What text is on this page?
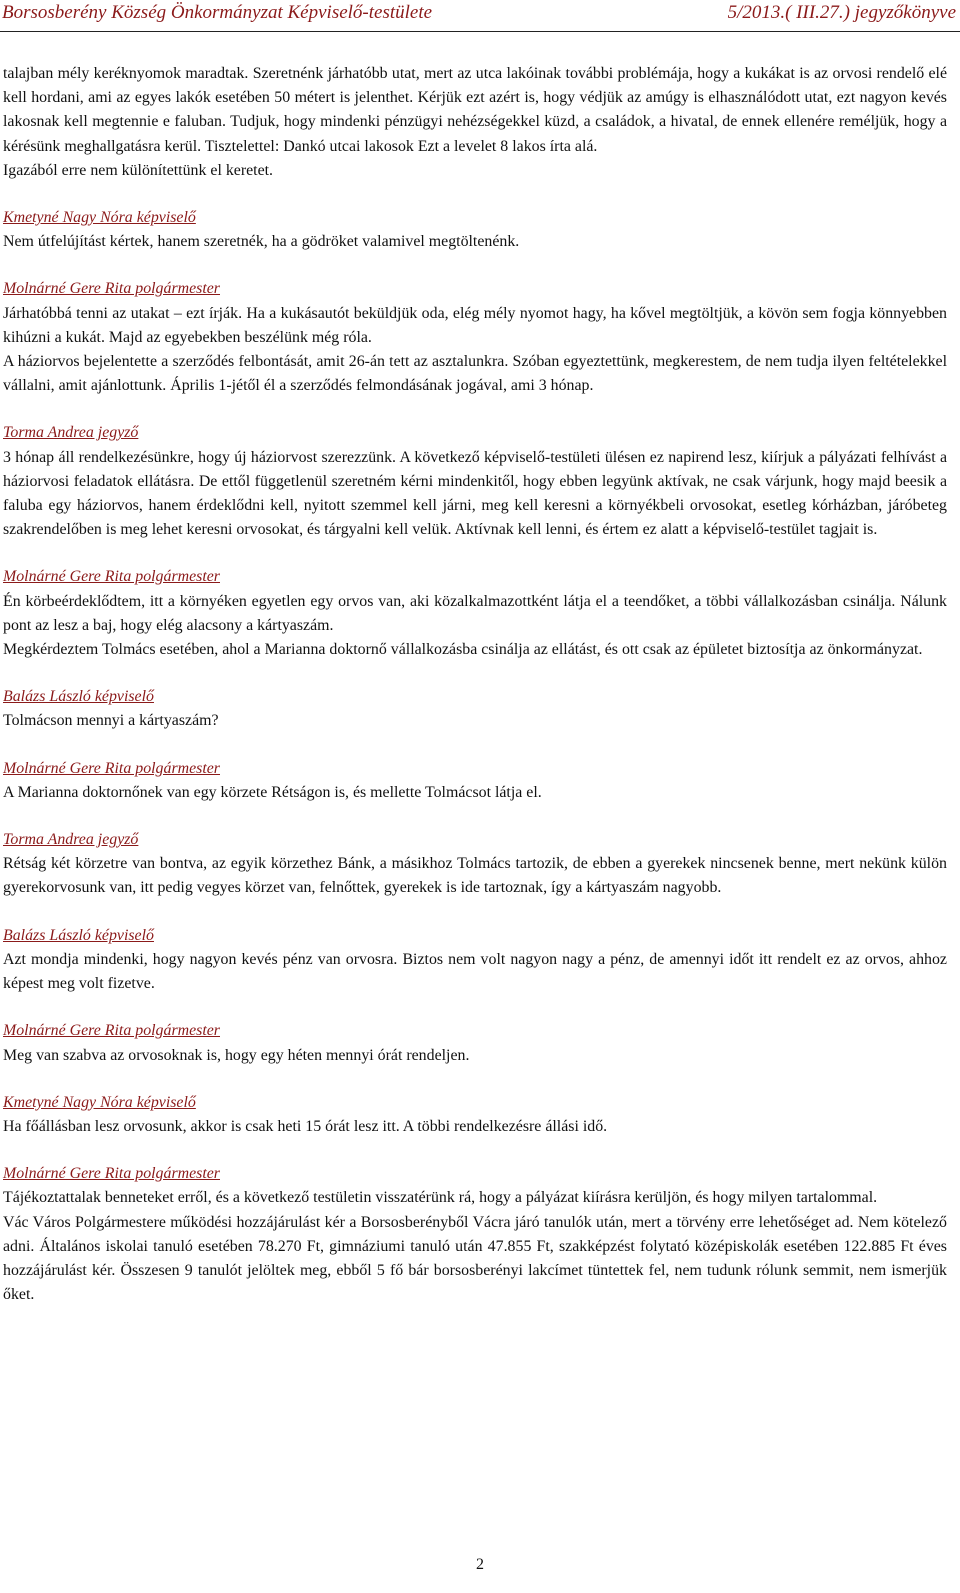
Borsosberény Község Önkormányzat Képviselő-testülete	5/2013.( III.27.) jegyzőkönyve

talajban mély keréknyomok maradtak. Szeretnénk járhatóbb utat, mert az utca lakóinak további problémája, hogy a kukákat is az orvosi rendelő elé kell hordani, ami az egyes lakók esetében 50 métert is jelenthet. Kérjük ezt azért is, hogy védjük az amúgy is elhasználódott utat, ezt nagyon kevés lakosnak kell megtennie e faluban. Tudjuk, hogy mindenki pénzügyi nehézségekkel küzd, a családok, a hivatal, de ennek ellenére reméljük, hogy a kérésünk meghallgatásra kerül. Tisztelettel: Dankó utcai lakosok Ezt a levelet 8 lakos írta alá.

Igazából erre nem különítettünk el keretet.

Kmetyné Nagy Nóra képviselő

Nem útfelújítást kértek, hanem szeretnék, ha a gödröket valamivel megtöltenénk.

Molnárné Gere Rita polgármester

Járhatóbbá tenni az utakat – ezt írják. Ha a kukásautót beküldjük oda, elég mély nyomot hagy, ha kővel megtöltjük, a kövön sem fogja könnyebben kihúzni a kukát. Majd az egyebekben beszélünk még róla.

A háziorvos bejelentette a szerződés felbontását, amit 26-án tett az asztalunkra. Szóban egyeztettünk, megkerestem, de nem tudja ilyen feltételekkel vállalni, amit ajánlottunk. Április 1-jétől él a szerződés felmondásának jogával, ami 3 hónap.

Torma Andrea jegyző

3 hónap áll rendelkezésünkre, hogy új háziorvost szerezzünk. A következő képviselő-testületi ülésen ez napirend lesz, kiírjuk a pályázati felhívást a háziorvosi feladatok ellátásra. De ettől függetlenül szeretném kérni mindenkitől, hogy ebben legyünk aktívak, ne csak várjunk, hogy majd beesik a faluba egy háziorvos, hanem érdeklődni kell, nyitott szemmel kell járni, meg kell keresni a környékbeli orvosokat, esetleg kórházban, járóbeteg szakrendelőben is meg lehet keresni orvosokat, és tárgyalni kell velük. Aktívnak kell lenni, és értem ez alatt a képviselő-testület tagjait is.

Molnárné Gere Rita polgármester

Én körbeérdeklődtem, itt a környéken egyetlen egy orvos van, aki közalkalmazottként látja el a teendőket, a többi vállalkozásban csinálja. Nálunk pont az lesz a baj, hogy elég alacsony a kártyaszám.

Megkérdeztem Tolmács esetében, ahol a Marianna doktornő vállalkozásba csinálja az ellátást, és ott csak az épületet biztosítja az önkormányzat.

Balázs László képviselő

Tolmácson mennyi a kártyaszám?

Molnárné Gere Rita polgármester

A Marianna doktornőnek van egy körzete Rétságon is, és mellette Tolmácsot látja el.

Torma Andrea jegyző

Rétság két körzetre van bontva, az egyik körzethez Bánk, a másikhoz Tolmács tartozik, de ebben a gyerekek nincsenek benne, mert nekünk külön gyerekorvosunk van, itt pedig vegyes körzet van, felnőttek, gyerekek is ide tartoznak, így a kártyaszám nagyobb.

Balázs László képviselő

Azt mondja mindenki, hogy nagyon kevés pénz van orvosra. Biztos nem volt nagyon nagy a pénz, de amennyi időt itt rendelt ez az orvos, ahhoz képest meg volt fizetve.

Molnárné Gere Rita polgármester

Meg van szabva az orvosoknak is, hogy egy héten mennyi órát rendeljen.

Kmetyné Nagy Nóra képviselő

Ha főállásban lesz orvosunk, akkor is csak heti 15 órát lesz itt. A többi rendelkezésre állási idő.

Molnárné Gere Rita polgármester

Tájékoztattalak benneteket erről, és a következő testületin visszatérünk rá, hogy a pályázat kiírásra kerüljön, és hogy milyen tartalommal.

Vác Város Polgármestere működési hozzájárulást kér a Borsosberényből Vácra járó tanulók után, mert a törvény erre lehetőséget ad. Nem kötelező adni. Általános iskolai tanuló esetében 78.270 Ft, gimnáziumi tanuló után 47.855 Ft, szakképzést folytató középiskolák esetében 122.885 Ft éves hozzájárulást kér. Összesen 9 tanulót jelöltek meg, ebből 5 fő bár borsosberényi lakcímet tüntettek fel, nem tudunk rólunk semmit, nem ismerjük őket.

2
